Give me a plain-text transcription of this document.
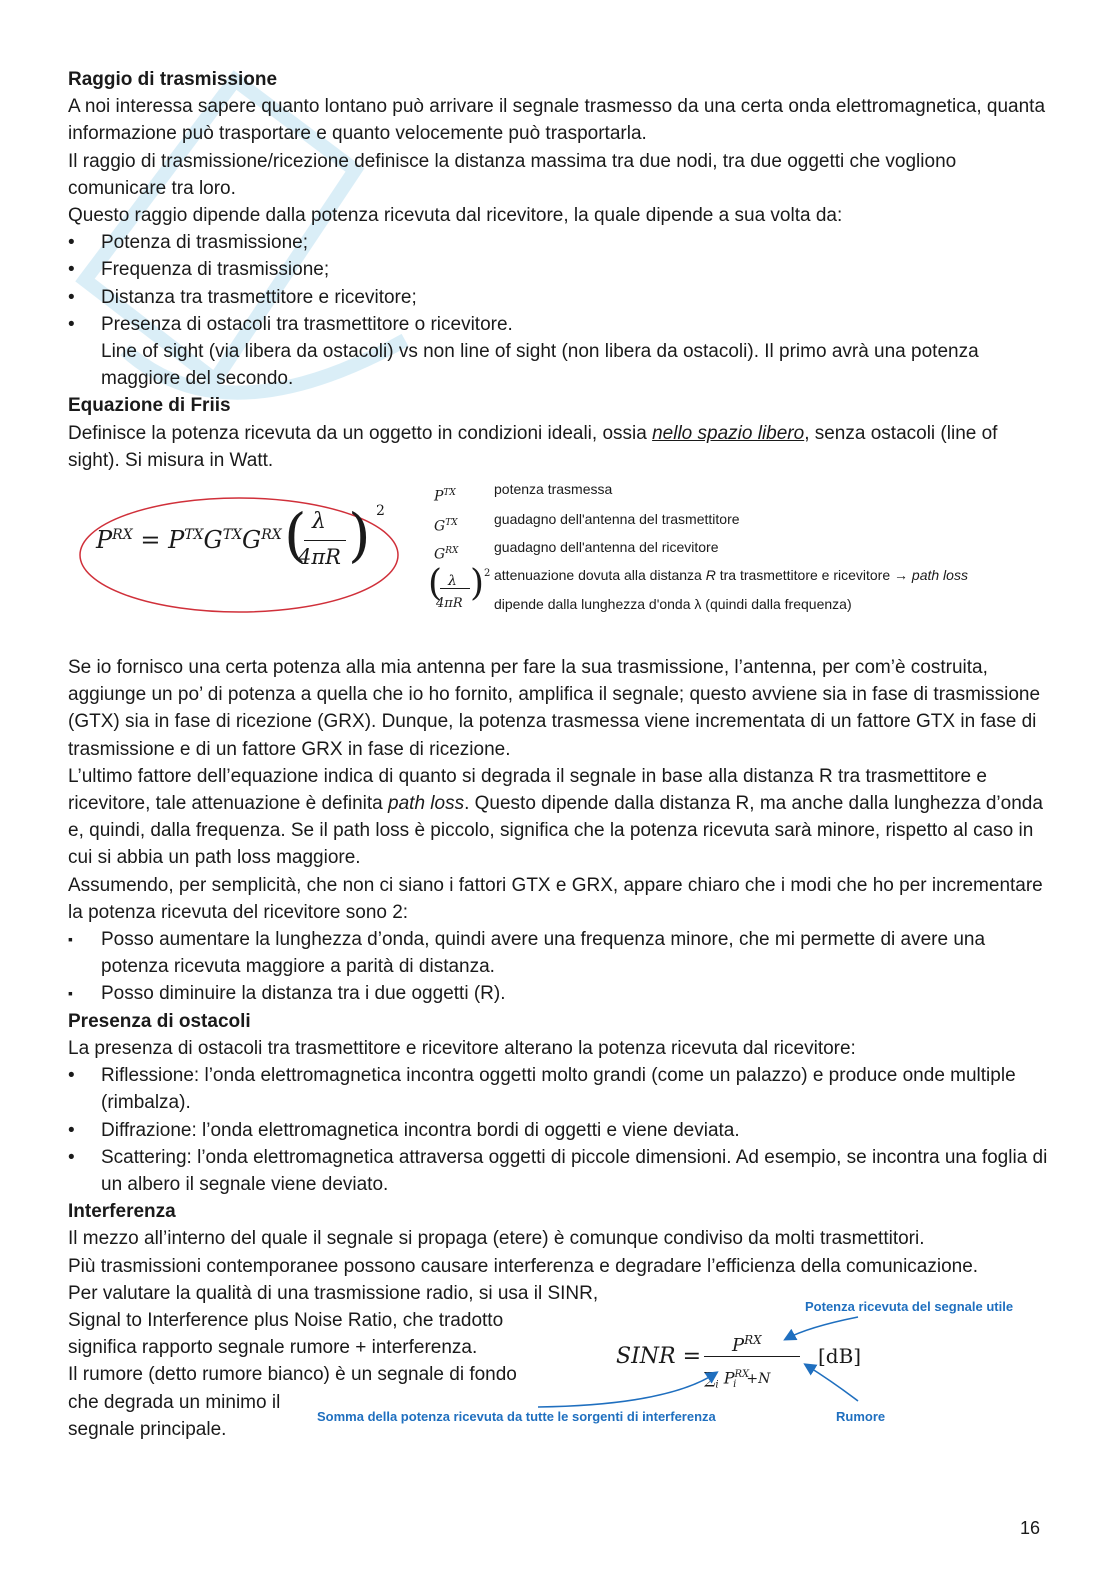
Raggio di trasmissione

A noi interessa sapere quanto lontano può arrivare il segnale trasmesso da una certa onda elettromagnetica, quanta informazione può trasportare e quanto velocemente può trasportarla.

Il raggio di trasmissione/ricezione definisce la distanza massima tra due nodi, tra due oggetti che vogliono comunicare tra loro.

Questo raggio dipende dalla potenza ricevuta dal ricevitore, la quale dipende a sua volta da:

• Potenza di trasmissione;
• Frequenza di trasmissione;
• Distanza tra trasmettitore e ricevitore;
• Presenza di ostacoli tra trasmettitore o ricevitore.

Line of sight (via libera da ostacoli) vs non line of sight (non libera da ostacoli). Il primo avrà una potenza maggiore del secondo.

Equazione di Friis

Definisce la potenza ricevuta da un oggetto in condizioni ideali, ossia nello spazio libero, senza ostacoli (line of sight). Si misura in Watt.

$P^{RX} = P^{TX}G^{TX}G^{RX}$ ( λ
4πR ) 2
$P^{TX}$	potenza trasmessa
$G^{TX}$	guadagno dell'antenna del trasmettitore
$G^{RX}$	guadagno dell'antenna del ricevitore
( λ
4πR ) 2 attenuazione dovuta alla distanza R tra trasmettitore e ricevitore → path loss
dipende dalla lunghezza d'onda λ (quindi dalla frequenza)

Se io fornisco una certa potenza alla mia antenna per fare la sua trasmissione, l’antenna, per com’è costruita, aggiunge un po’ di potenza a quella che io ho fornito, amplifica il segnale; questo avviene sia in fase di trasmissione (GTX) sia in fase di ricezione (GRX). Dunque, la potenza trasmessa viene incrementata di un fattore GTX in fase di trasmissione e di un fattore GRX in fase di ricezione.

L’ultimo fattore dell’equazione indica di quanto si degrada il segnale in base alla distanza R tra trasmettitore e ricevitore, tale attenuazione è definita path loss. Questo dipende dalla distanza R, ma anche dalla lunghezza d’onda e, quindi, dalla frequenza. Se il path loss è piccolo, significa che la potenza ricevuta sarà minore, rispetto al caso in cui si abbia un path loss maggiore.

Assumendo, per semplicità, che non ci siano i fattori GTX e GRX, appare chiaro che i modi che ho per incrementare la potenza ricevuta del ricevitore sono 2:

▪ Posso aumentare la lunghezza d’onda, quindi avere una frequenza minore, che mi permette di avere una potenza ricevuta maggiore a parità di distanza.
▪ Posso diminuire la distanza tra i due oggetti (R).

Presenza di ostacoli

La presenza di ostacoli tra trasmettitore e ricevitore alterano la potenza ricevuta dal ricevitore:

• Riflessione: l’onda elettromagnetica incontra oggetti molto grandi (come un palazzo) e produce onde multiple (rimbalza).
• Diffrazione: l’onda elettromagnetica incontra bordi di oggetti e viene deviata.
• Scattering: l’onda elettromagnetica attraversa oggetti di piccole dimensioni. Ad esempio, se incontra una foglia di un albero il segnale viene deviato.

Interferenza

Il mezzo all’interno del quale il segnale si propaga (etere) è comunque condiviso da molti trasmettitori.

Più trasmissioni contemporanee possono causare interferenza e degradare l’efficienza della comunicazione.

Per valutare la qualità di una trasmissione radio, si usa il SINR,

Signal to Interference plus Noise Ratio, che tradotto
significa rapporto segnale rumore + interferenza.
Il rumore (detto rumore bianco) è un segnale di fondo
che degrada un minimo il
segnale principale.
SINR = $P^{RX}$
$\sum_i$ $P^{RX}_i +N$
[dB]
Potenza ricevuta del segnale utile
Somma della potenza ricevuta da tutte le sorgenti di interferenza	Rumore
16
